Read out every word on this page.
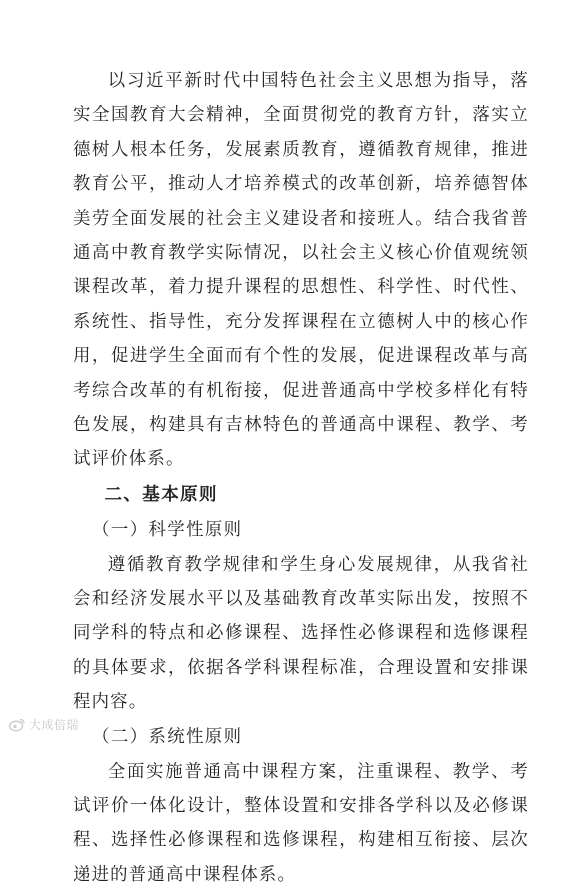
以习近平新时代中国特色社会主义思想为指导，落实全国教育大会精神，全面贯彻党的教育方针，落实立德树人根本任务，发展素质教育，遵循教育规律，推进教育公平，推动人才培养模式的改革创新，培养德智体美劳全面发展的社会主义建设者和接班人。结合我省普通高中教育教学实际情况，以社会主义核心价值观统领课程改革，着力提升课程的思想性、科学性、时代性、系统性、指导性，充分发挥课程在立德树人中的核心作用，促进学生全面而有个性的发展，促进课程改革与高考综合改革的有机衔接，促进普通高中学校多样化有特色发展，构建具有吉林特色的普通高中课程、教学、考试评价体系。

二、基本原则

（一）科学性原则

遵循教育教学规律和学生身心发展规律，从我省社会和经济发展水平以及基础教育改革实际出发，按照不同学科的特点和必修课程、选择性必修课程和选修课程的具体要求，依据各学科课程标准，合理设置和安排课程内容。

（二）系统性原则

全面实施普通高中课程方案，注重课程、教学、考试评价一体化设计，整体设置和安排各学科以及必修课程、选择性必修课程和选修课程，构建相互衔接、层次递进的普通高中课程体系。

大成倍瑞
